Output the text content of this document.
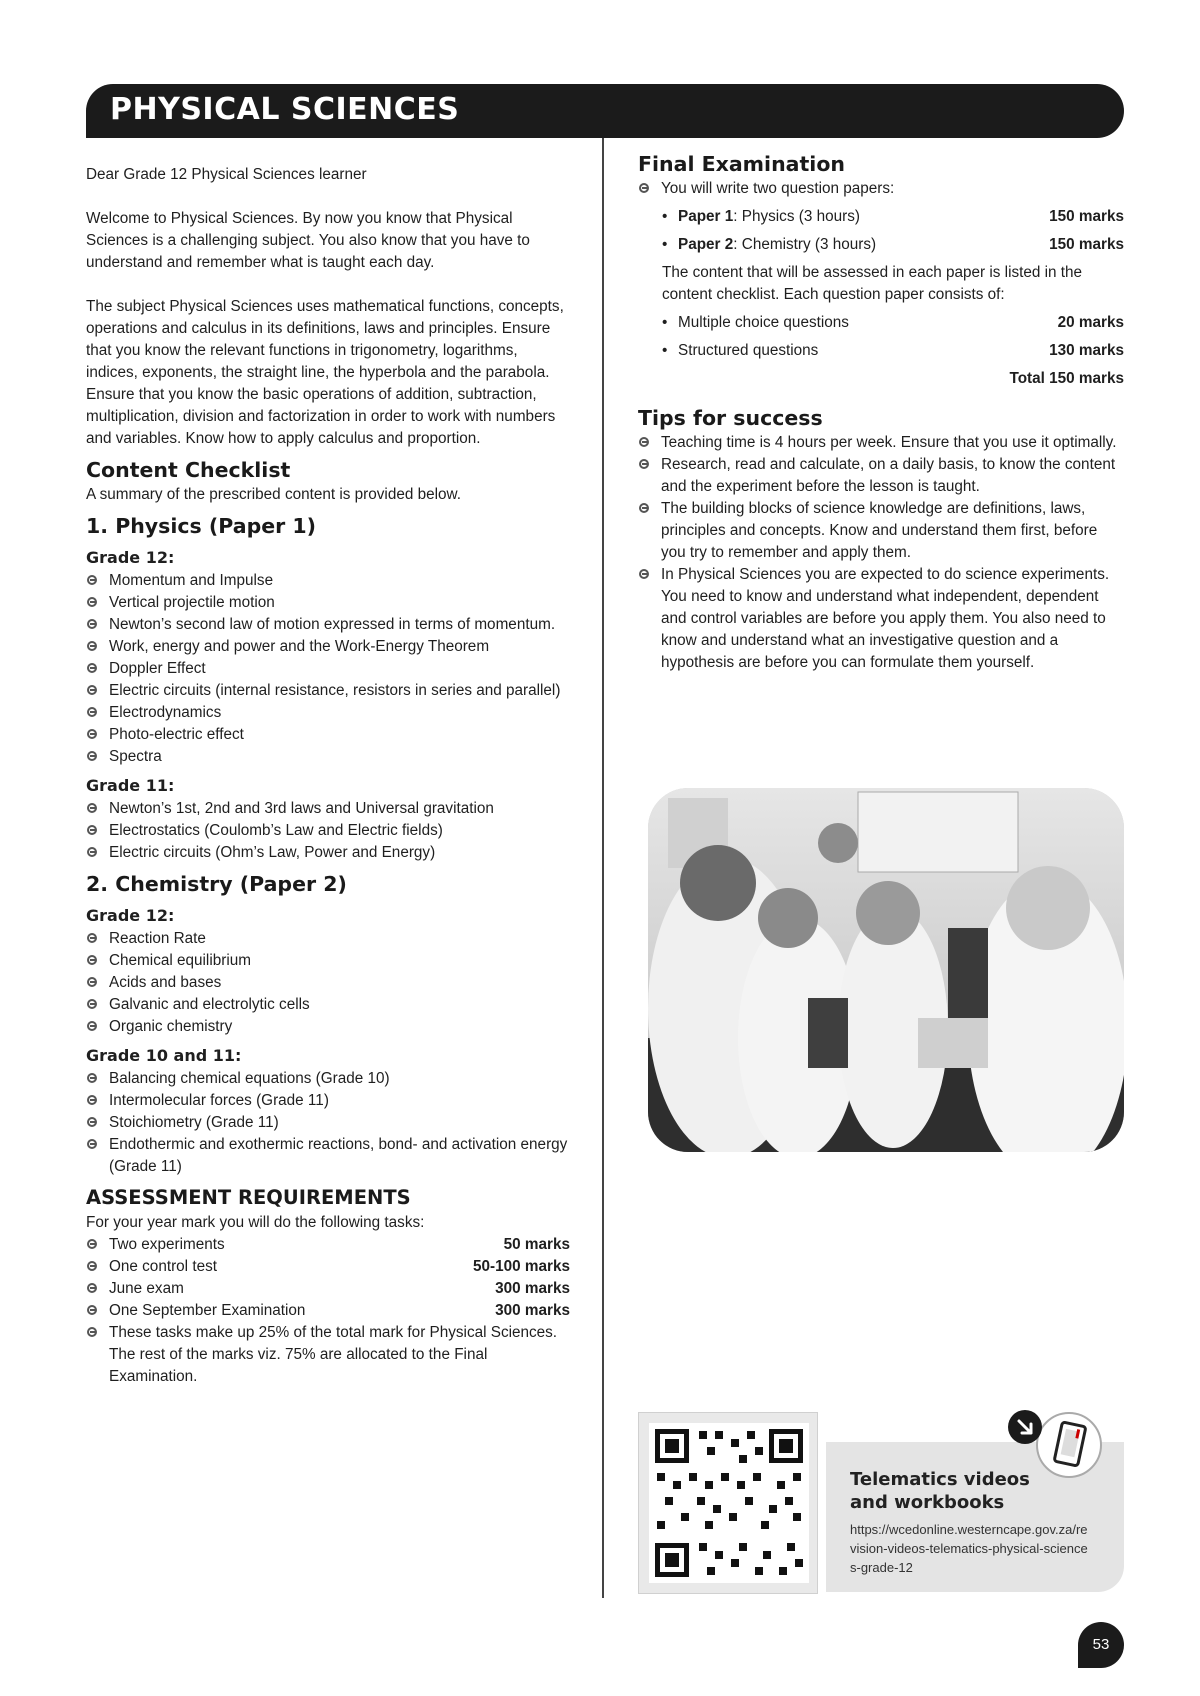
PHYSICAL SCIENCES

Dear Grade 12 Physical Sciences learner

Welcome to Physical Sciences. By now you know that Physical Sciences is a challenging subject. You also know that you have to understand and remember what is taught each day.

The subject Physical Sciences uses mathematical functions, concepts, operations and calculus in its definitions, laws and principles. Ensure that you know the relevant functions in trigonometry, logarithms, indices, exponents, the straight line, the hyperbola and the parabola. Ensure that you know the basic operations of addition, subtraction, multiplication, division and factorization in order to work with numbers and variables. Know how to apply calculus and proportion.

Content Checklist

A summary of the prescribed content is provided below.

1. Physics (Paper 1)
Grade 12:
Momentum and Impulse
Vertical projectile motion
Newton’s second law of motion expressed in terms of momentum.
Work, energy and power and the Work-Energy Theorem
Doppler Effect
Electric circuits (internal resistance, resistors in series and parallel)
Electrodynamics
Photo-electric effect
Spectra
Grade 11:
Newton’s 1st, 2nd and 3rd laws and Universal gravitation
Electrostatics (Coulomb’s Law and Electric fields)
Electric circuits (Ohm’s Law, Power and Energy)
2. Chemistry (Paper 2)
Grade 12:
Reaction Rate
Chemical equilibrium
Acids and bases
Galvanic and electrolytic cells
Organic chemistry
Grade 10 and 11:
Balancing chemical equations (Grade 10)
Intermolecular forces (Grade 11)
Stoichiometry (Grade 11)
Endothermic and exothermic reactions, bond- and activation energy (Grade 11)
ASSESSMENT REQUIREMENTS

For your year mark you will do the following tasks:

Two experiments	50 marks
One control test	50-100 marks
June exam	300 marks
One September Examination	300 marks
These tasks make up 25% of the total mark for Physical Sciences. The rest of the marks viz. 75% are allocated to the Final Examination.
Final Examination
You will write two question papers:
• Paper 1: Physics (3 hours)	150 marks
• Paper 2: Chemistry (3 hours)	150 marks

The content that will be assessed in each paper is listed in the content checklist. Each question paper consists of:

• Multiple choice questions	20 marks
• Structured questions	130 marks

Total 150 marks

Tips for success
Teaching time is 4 hours per week. Ensure that you use it optimally.
Research, read and calculate, on a daily basis, to know the content and the experiment before the lesson is taught.
The building blocks of science knowledge are definitions, laws, principles and concepts. Know and understand them first, before you try to remember and apply them.
In Physical Sciences you are expected to do science experiments. You need to know and understand what independent, dependent and control variables are before you apply them. You also need to know and understand what an investigative question and a hypothesis are before you can formulate them yourself.
Telematics videos and workbooks
https://wcedonline.westerncape.gov.za/revision-videos-telematics-physical-sciences-grade-12
53
